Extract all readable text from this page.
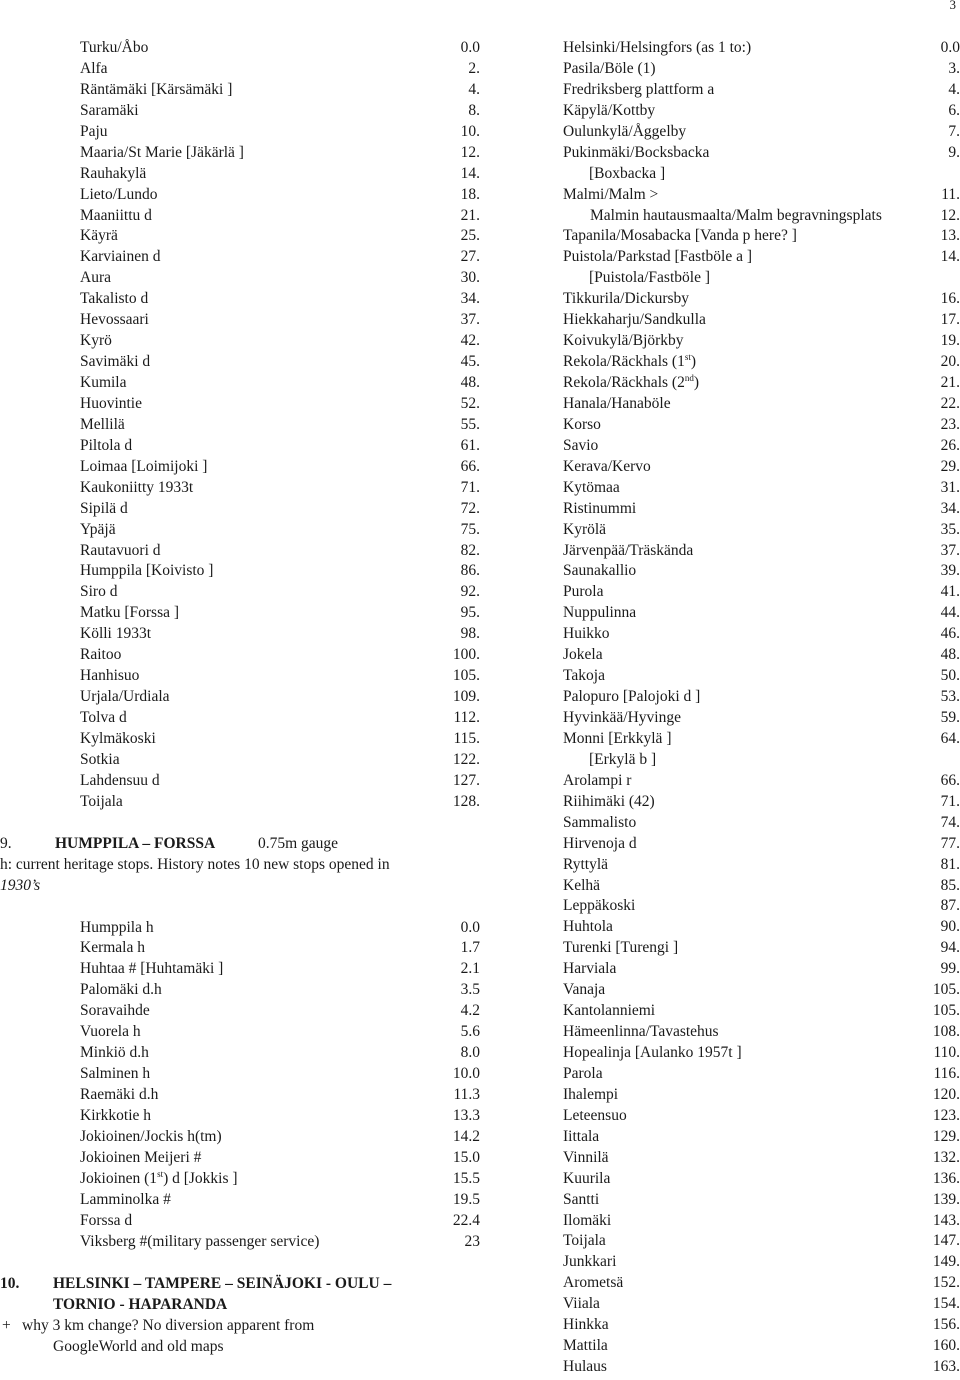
3
0.0
Turku/Åbo
2.
Alfa
4.
Räntämäki [Kärsämäki ]
8.
Saramäki
10.
Paju
12.
Maaria/St Marie [Jäkärlä ]
14.
Rauhakylä
18.
Lieto/Lundo
21.
Maaniittu d
25.
Käyrä
27.
Karviainen d
30.
Aura
34.
Takalisto d
37.
Hevossaari
42.
Kyrö
45.
Savimäki d
48.
Kumila
52.
Huovintie
55.
Mellilä
61.
Piltola d
66.
Loimaa [Loimijoki ]
71.
Kaukoniitty 1933t
72.
Sipilä d
75.
Ypäjä
82.
Rautavuori d
86.
Humppila [Koivisto ]
92.
Siro d
95.
Matku [Forssa ]
98.
Kölli 1933t
100.
Raitoo
105.
Hanhisuo
109.
Urjala/Urdiala
112.
Tolva d
115.
Kylmäkoski
122.
Sotkia
127.
Lahdensuu d
128.
Toijala
9.	HUMPPILA – FORSSA	0.75m gauge

h: current heritage stops. History notes 10 new stops opened in
1930’s
0.0
Humppila h
1.7
Kermala h
2.1
Huhtaa # [Huhtamäki ]
3.5
Palomäki d.h
4.2
Soravaihde
5.6
Vuorela h
8.0
Minkiö d.h
10.0
Salminen h
11.3
Raemäki d.h
13.3
Kirkkotie h
14.2
Jokioinen/Jockis h(tm)
15.0
Jokioinen Meijeri #
15.5
Jokioinen (1st) d [Jokkis ]
19.5
Lamminolka #
22.4
Forssa d
23
Viksberg #(military passenger service)
10. HELSINKI – TAMPERE – SEINÄJOKI - OULU –
TORNIO - HAPARANDA
+ why 3 km change? No diversion apparent from
GoogleWorld and old maps
0.0
Helsinki/Helsingfors (as 1 to:)
3.
Pasila/Böle (1)
4.
Fredriksberg plattform a
6.
Käpylä/Kottby
7.
Oulunkylä/Åggelby
9.
Pukinmäki/Bocksbacka
[Boxbacka ]
11.
Malmi/Malm >
12.
Malmin hautausmaalta/Malm begravningsplats
13.
Tapanila/Mosabacka [Vanda p here? ]
14.
Puistola/Parkstad [Fastböle a ]
[Puistola/Fastböle ]
16.
Tikkurila/Dickursby
17.
Hiekkaharju/Sandkulla
19.
Koivukylä/Björkby
20.
Rekola/Räckhals (1st)
21.
Rekola/Räckhals (2nd)
22.
Hanala/Hanaböle
23.
Korso
26.
Savio
29.
Kerava/Kervo
31.
Kytömaa
34.
Ristinummi
35.
Kyrölä
37.
Järvenpää/Träskända
39.
Saunakallio
41.
Purola
44.
Nuppulinna
46.
Huikko
48.
Jokela
50.
Takoja
53.
Palopuro [Palojoki d ]
59.
Hyvinkää/Hyvinge
64.
Monni [Erkkylä ]
[Erkylä b ]
66.
Arolampi r
71.
Riihimäki (42)
74.
Sammalisto
77.
Hirvenoja d
81.
Ryttylä
85.
Kelhä
87.
Leppäkoski
90.
Huhtola
94.
Turenki [Turengi ]
99.
Harviala
105.
Vanaja
105.
Kantolanniemi
108.
Hämeenlinna/Tavastehus
110.
Hopealinja [Aulanko 1957t ]
116.
Parola
120.
Ihalempi
123.
Leteensuo
129.
Iittala
132.
Vinnilä
136.
Kuurila
139.
Santti
143.
Ilomäki
147.
Toijala
149.
Junkkari
152.
Arometsä
154.
Viiala
156.
Hinkka
160.
Mattila
163.
Hulaus
